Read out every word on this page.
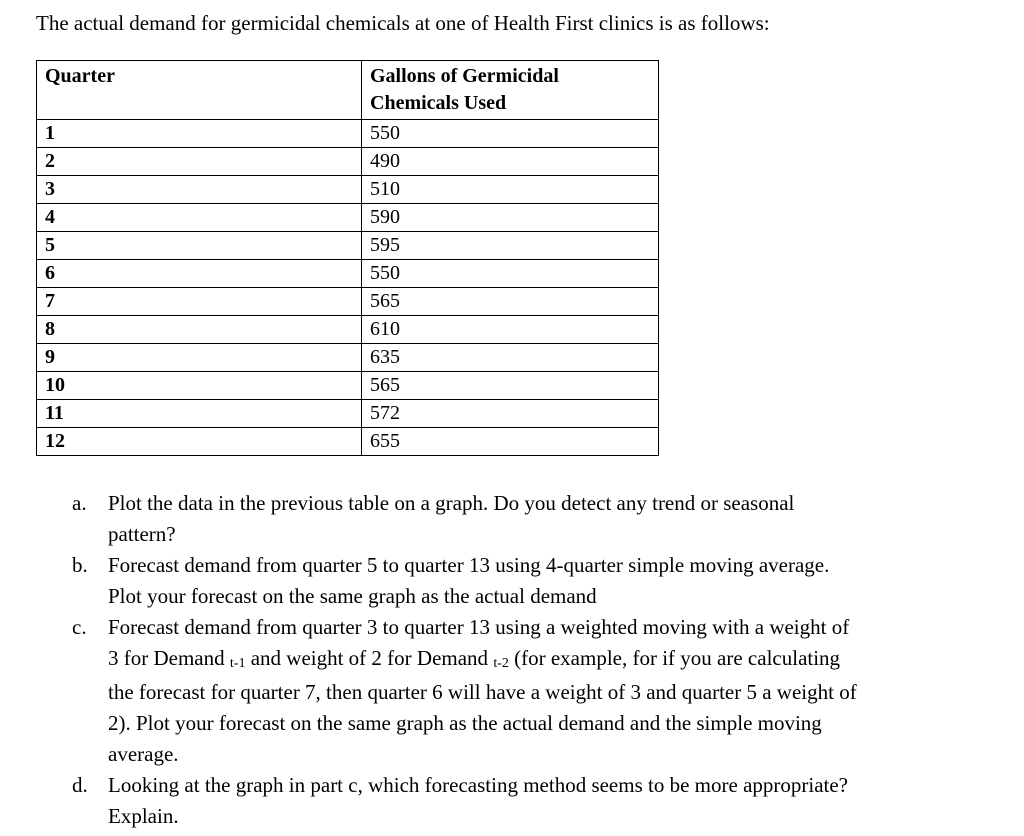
The actual demand for germicidal chemicals at one of Health First clinics is as follows:

Quarter	Gallons of Germicidal
Chemicals Used
1	550
2	490
3	510
4	590
5	595
6	550
7	565
8	610
9	635
10	565
11	572
12	655
a. Plot the data in the previous table on a graph. Do you detect any trend or seasonal
pattern?
b. Forecast demand from quarter 5 to quarter 13 using 4-quarter simple moving average.
Plot your forecast on the same graph as the actual demand
c. Forecast demand from quarter 3 to quarter 13 using a weighted moving with a weight of
3 for Demand t-1 and weight of 2 for Demand t-2 (for example, for if you are calculating
the forecast for quarter 7, then quarter 6 will have a weight of 3 and quarter 5 a weight of
2). Plot your forecast on the same graph as the actual demand and the simple moving
average.
d. Looking at the graph in part c, which forecasting method seems to be more appropriate?
Explain.
